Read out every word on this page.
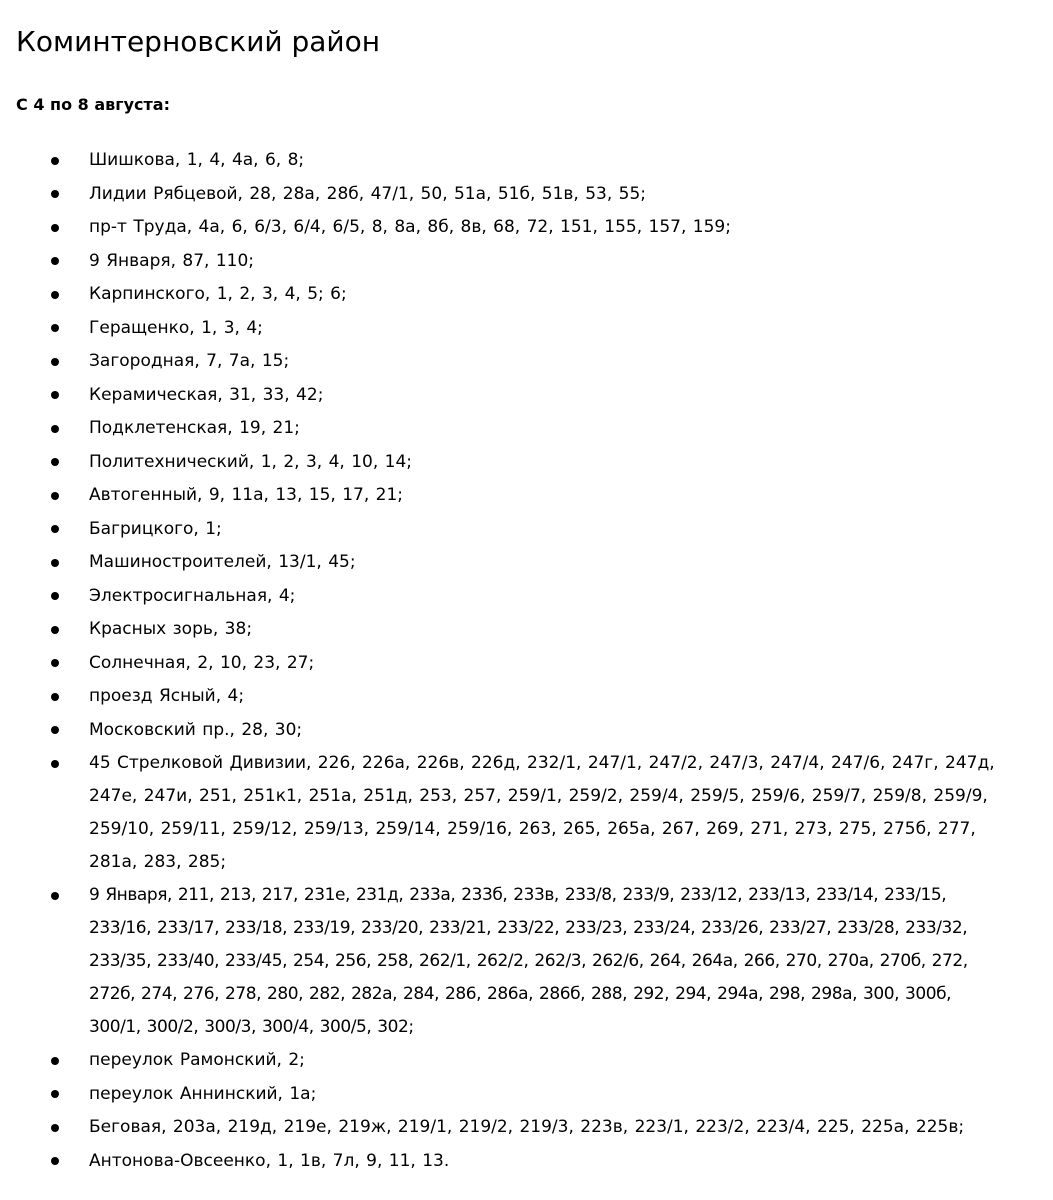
Коминтерновский район
С 4 по 8 августа:
Шишкова, 1, 4, 4а, 6, 8;
Лидии Рябцевой, 28, 28а, 28б, 47/1, 50, 51а, 51б, 51в, 53, 55;
пр-т Труда, 4а, 6, 6/3, 6/4, 6/5, 8, 8а, 8б, 8в, 68, 72, 151, 155, 157, 159;
9 Января, 87, 110;
Карпинского, 1, 2, 3, 4, 5; 6;
Геращенко, 1, 3, 4;
Загородная, 7, 7а, 15;
Керамическая, 31, 33, 42;
Подклетенская, 19, 21;
Политехнический, 1, 2, 3, 4, 10, 14;
Автогенный, 9, 11а, 13, 15, 17, 21;
Багрицкого, 1;
Машиностроителей, 13/1, 45;
Электросигнальная, 4;
Красных зорь, 38;
Солнечная, 2, 10, 23, 27;
проезд Ясный, 4;
Московский пр., 28, 30;
45 Стрелковой Дивизии, 226, 226а, 226в, 226д, 232/1, 247/1, 247/2, 247/3, 247/4, 247/6, 247г, 247д, 247е, 247и, 251, 251к1, 251а, 251д, 253, 257, 259/1, 259/2, 259/4, 259/5, 259/6, 259/7, 259/8, 259/9, 259/10, 259/11, 259/12, 259/13, 259/14, 259/16, 263, 265, 265а, 267, 269, 271, 273, 275, 275б, 277, 281а, 283, 285;
9 Января, 211, 213, 217, 231е, 231д, 233а, 233б, 233в, 233/8, 233/9, 233/12, 233/13, 233/14, 233/15, 233/16, 233/17, 233/18, 233/19, 233/20, 233/21, 233/22, 233/23, 233/24, 233/26, 233/27, 233/28, 233/32, 233/35, 233/40, 233/45, 254, 256, 258, 262/1, 262/2, 262/3, 262/6, 264, 264а, 266, 270, 270а, 270б, 272, 272б, 274, 276, 278, 280, 282, 282а, 284, 286, 286а, 286б, 288, 292, 294, 294а, 298, 298а, 300, 300б, 300/1, 300/2, 300/3, 300/4, 300/5, 302;
переулок Рамонский, 2;
переулок Аннинский, 1а;
Беговая, 203а, 219д, 219е, 219ж, 219/1, 219/2, 219/3, 223в, 223/1, 223/2, 223/4, 225, 225а, 225в;
Антонова-Овсеенко, 1, 1в, 7л, 9, 11, 13.
